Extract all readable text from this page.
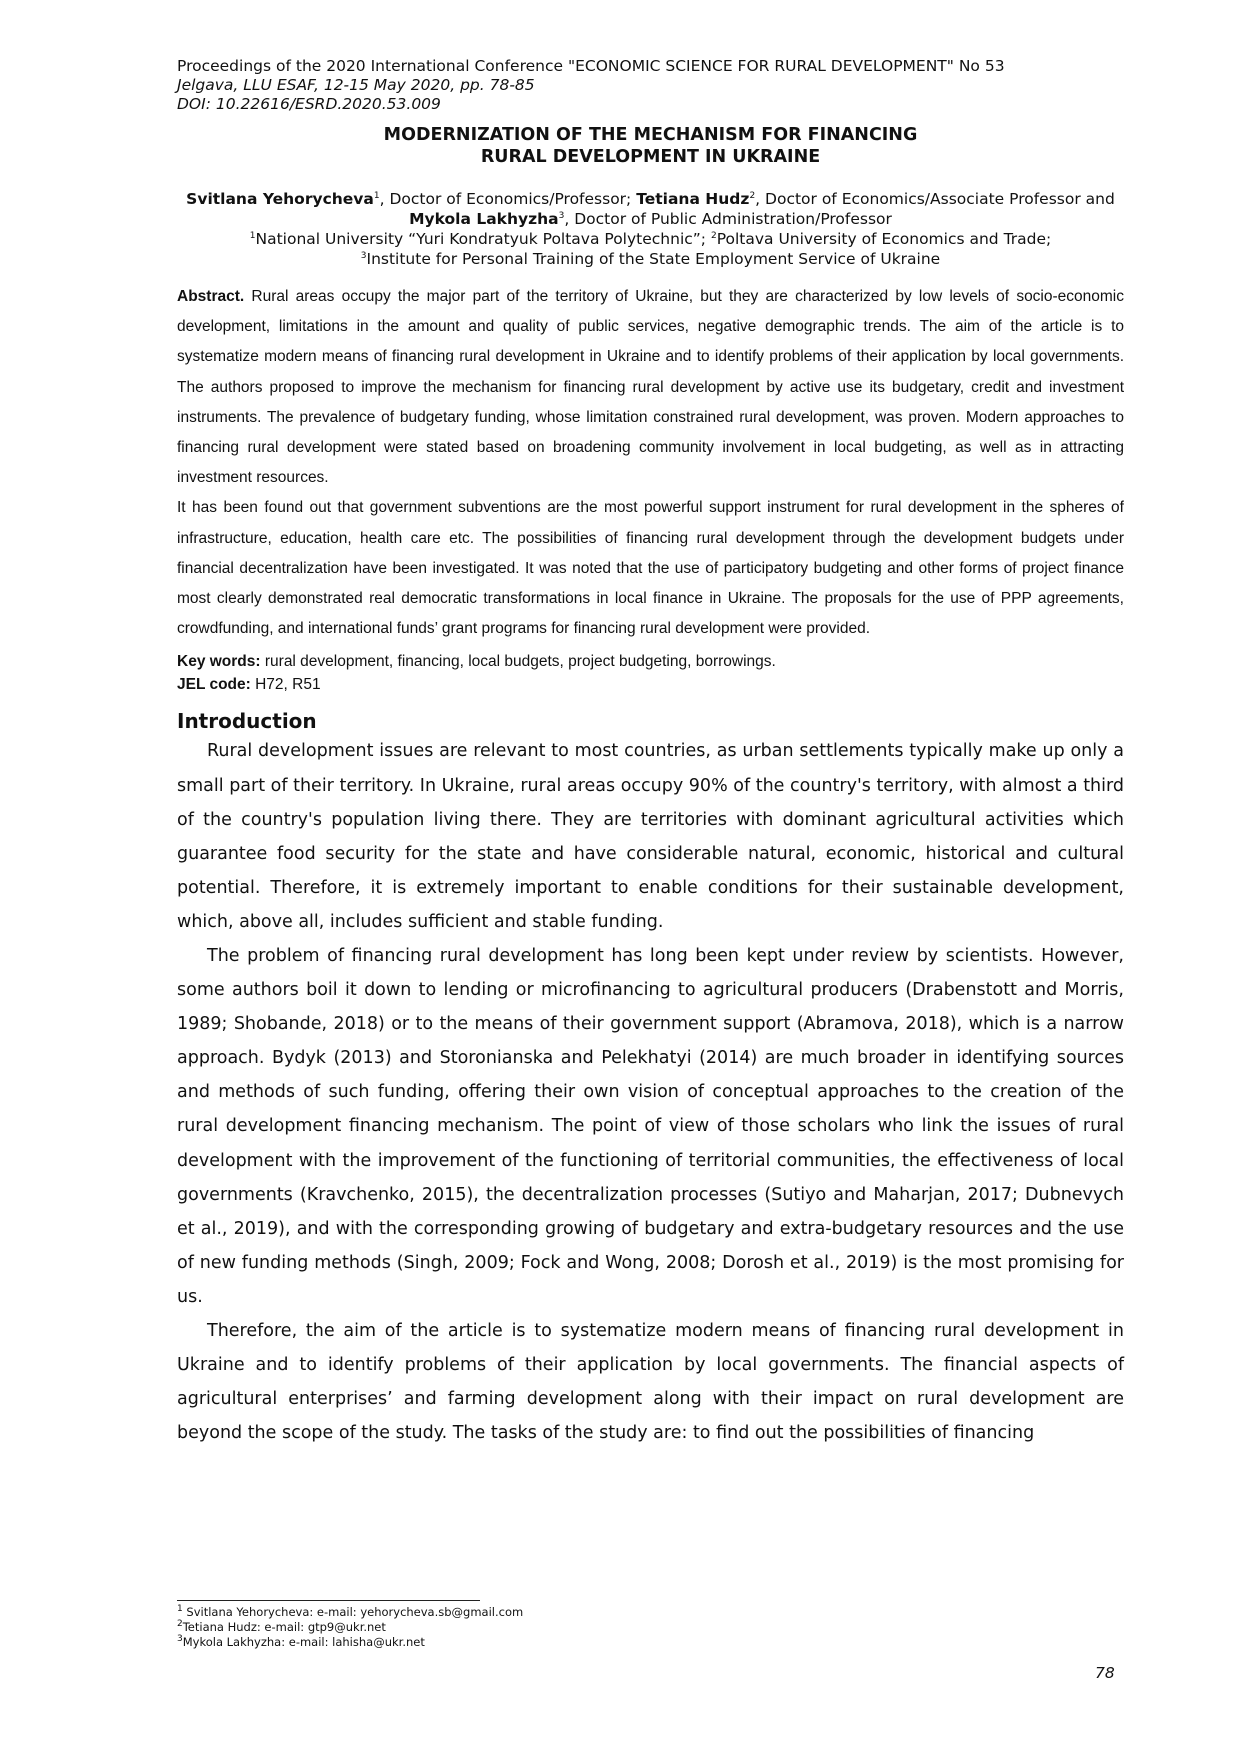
Proceedings of the 2020 International Conference "ECONOMIC SCIENCE FOR RURAL DEVELOPMENT" No 53
Jelgava, LLU ESAF, 12-15 May 2020, pp. 78-85
DOI: 10.22616/ESRD.2020.53.009
MODERNIZATION OF THE MECHANISM FOR FINANCING
RURAL DEVELOPMENT IN UKRAINE
Svitlana Yehorycheva$^1$, Doctor of Economics/Professor; Tetiana Hudz$^2$, Doctor of Economics/Associate Professor and Mykola Lakhyzha$^3$, Doctor of Public Administration/Professor
$^1$National University “Yuri Kondratyuk Poltava Polytechnic”; $^2$Poltava University of Economics and Trade;
$^3$Institute for Personal Training of the State Employment Service of Ukraine

Abstract. Rural areas occupy the major part of the territory of Ukraine, but they are characterized by low levels of socio-economic development, limitations in the amount and quality of public services, negative demographic trends. The aim of the article is to systematize modern means of financing rural development in Ukraine and to identify problems of their application by local governments. The authors proposed to improve the mechanism for financing rural development by active use its budgetary, credit and investment instruments. The prevalence of budgetary funding, whose limitation constrained rural development, was proven. Modern approaches to financing rural development were stated based on broadening community involvement in local budgeting, as well as in attracting investment resources.

It has been found out that government subventions are the most powerful support instrument for rural development in the spheres of infrastructure, education, health care etc. The possibilities of financing rural development through the development budgets under financial decentralization have been investigated. It was noted that the use of participatory budgeting and other forms of project finance most clearly demonstrated real democratic transformations in local finance in Ukraine. The proposals for the use of PPP agreements, crowdfunding, and international funds’ grant programs for financing rural development were provided.

Key words: rural development, financing, local budgets, project budgeting, borrowings.
JEL code: H72, R51
Introduction

Rural development issues are relevant to most countries, as urban settlements typically make up only a small part of their territory. In Ukraine, rural areas occupy 90% of the country's territory, with almost a third of the country's population living there. They are territories with dominant agricultural activities which guarantee food security for the state and have considerable natural, economic, historical and cultural potential. Therefore, it is extremely important to enable conditions for their sustainable development, which, above all, includes sufficient and stable funding.

The problem of financing rural development has long been kept under review by scientists. However, some authors boil it down to lending or microfinancing to agricultural producers (Drabenstott and Morris, 1989; Shobande, 2018) or to the means of their government support (Abramova, 2018), which is a narrow approach. Bydyk (2013) and Storonianska and Pelekhatyi (2014) are much broader in identifying sources and methods of such funding, offering their own vision of conceptual approaches to the creation of the rural development financing mechanism. The point of view of those scholars who link the issues of rural development with the improvement of the functioning of territorial communities, the effectiveness of local governments (Kravchenko, 2015), the decentralization processes (Sutiyo and Maharjan, 2017; Dubnevych et al., 2019), and with the corresponding growing of budgetary and extra-budgetary resources and the use of new funding methods (Singh, 2009; Fock and Wong, 2008; Dorosh et al., 2019) is the most promising for us.

Therefore, the aim of the article is to systematize modern means of financing rural development in Ukraine and to identify problems of their application by local governments. The financial aspects of agricultural enterprises’ and farming development along with their impact on rural development are beyond the scope of the study. The tasks of the study are: to find out the possibilities of financing

$^1$ Svitlana Yehorycheva: e-mail: yehorycheva.sb@gmail.com
$^2$Tetiana Hudz: e-mail: gtp9@ukr.net
$^3$Mykola Lakhyzha: e-mail: lahisha@ukr.net
78
